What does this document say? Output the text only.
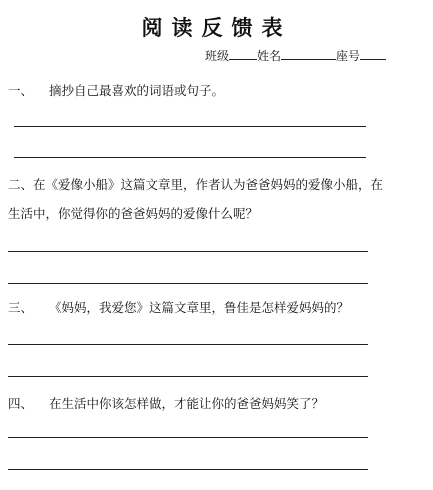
阅读反馈表
班级 姓名	座号
一、 摘抄自己最喜欢的词语或句子。
二、在《爱像小船》这篇文章里，作者认为爸爸妈妈的爱像小船，在
生活中，你觉得你的爸爸妈妈的爱像什么呢？
三、 《妈妈，我爱您》这篇文章里，鲁佳是怎样爱妈妈的？
四、 在生活中你该怎样做，才能让你的爸爸妈妈笑了？
